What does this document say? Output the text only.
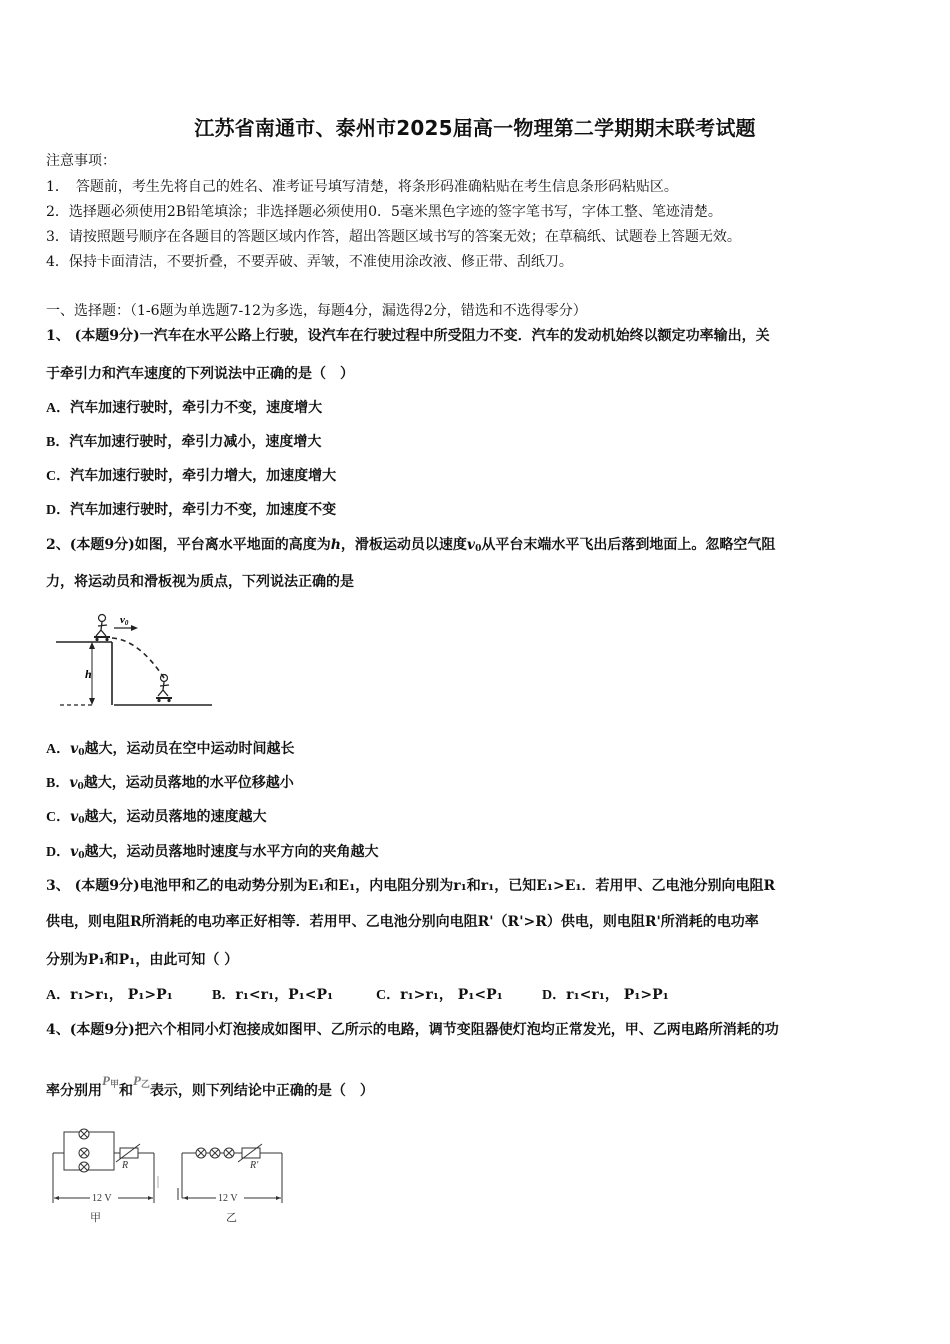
江苏省南通市、泰州市2025届高一物理第二学期期末联考试题
注意事项：
1．　答题前，考生先将自己的姓名、准考证号填写清楚，将条形码准确粘贴在考生信息条形码粘贴区。
2．选择题必须使用2B铅笔填涂；非选择题必须使用0．5毫米黑色字迹的签字笔书写，字体工整、笔迹清楚。
3．请按照题号顺序在各题目的答题区域内作答，超出答题区域书写的答案无效；在草稿纸、试题卷上答题无效。
4．保持卡面清洁，不要折叠，不要弄破、弄皱，不准使用涂改液、修正带、刮纸刀。
一、选择题：（1-6题为单选题7-12为多选，每题4分，漏选得2分，错选和不选得零分）
1、 (本题9分)一汽车在水平公路上行驶，设汽车在行驶过程中所受阻力不变．汽车的发动机始终以额定功率输出，关
于牵引力和汽车速度的下列说法中正确的是（　）
A．汽车加速行驶时，牵引力不变，速度增大
B．汽车加速行驶时，牵引力减小，速度增大
C．汽车加速行驶时，牵引力增大，加速度增大
D．汽车加速行驶时，牵引力不变，加速度不变
2、(本题9分)如图，平台离水平地面的高度为h，滑板运动员以速度$v_0$从平台末端水平飞出后落到地面上。忽略空气阻
力，将运动员和滑板视为质点，下列说法正确的是
h
v0
A．$v_0$越大，运动员在空中运动时间越长
B．$v_0$越大，运动员落地的水平位移越小
C．$v_0$越大，运动员落地的速度越大
D．$v_0$越大，运动员落地时速度与水平方向的夹角越大
3、 (本题9分)电池甲和乙的电动势分别为E₁和E₁，内电阻分别为r₁和r₁，已知E₁>E₁．若用甲、乙电池分别向电阻R
供电，则电阻R所消耗的电功率正好相等．若用甲、乙电池分别向电阻R'（R'>R）供电，则电阻R'所消耗的电功率
分别为P₁和P₁，由此可知（ ）
A．r₁>r₁， P₁>P₁	B．r₁<r₁，P₁<P₁	C．r₁>r₁， P₁<P₁	D．r₁<r₁， P₁>P₁
4、(本题9分)把六个相同小灯泡接成如图甲、乙所示的电路，调节变阻器使灯泡均正常发光，甲、乙两电路所消耗的功
率分别用$P_甲$和$P_乙$表示，则下列结论中正确的是（　）
R
12 V
甲
R'
12 V
乙
